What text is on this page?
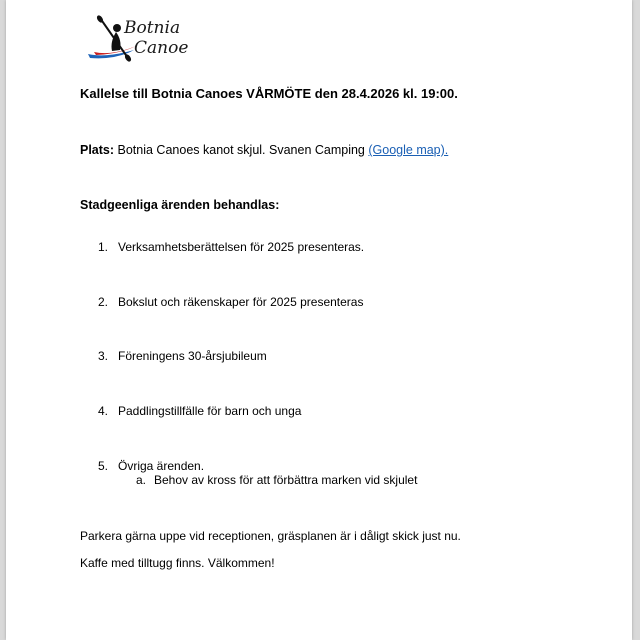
Botnia
Canoe
Kallelse till Botnia Canoes VÅRMÖTE den 28.4.2026 kl. 19:00.
Plats: Botnia Canoes kanot skjul. Svanen Camping (Google map).
Stadgeenliga ärenden behandlas:
1. Verksamhetsberättelsen för 2025 presenteras.
2. Bokslut och räkenskaper för 2025 presenteras
3. Föreningens 30-årsjubileum
4. Paddlingstillfälle för barn och unga
5. Övriga ärenden.
a. Behov av kross för att förbättra marken vid skjulet
Parkera gärna uppe vid receptionen, gräsplanen är i dåligt skick just nu.
Kaffe med tilltugg finns. Välkommen!
